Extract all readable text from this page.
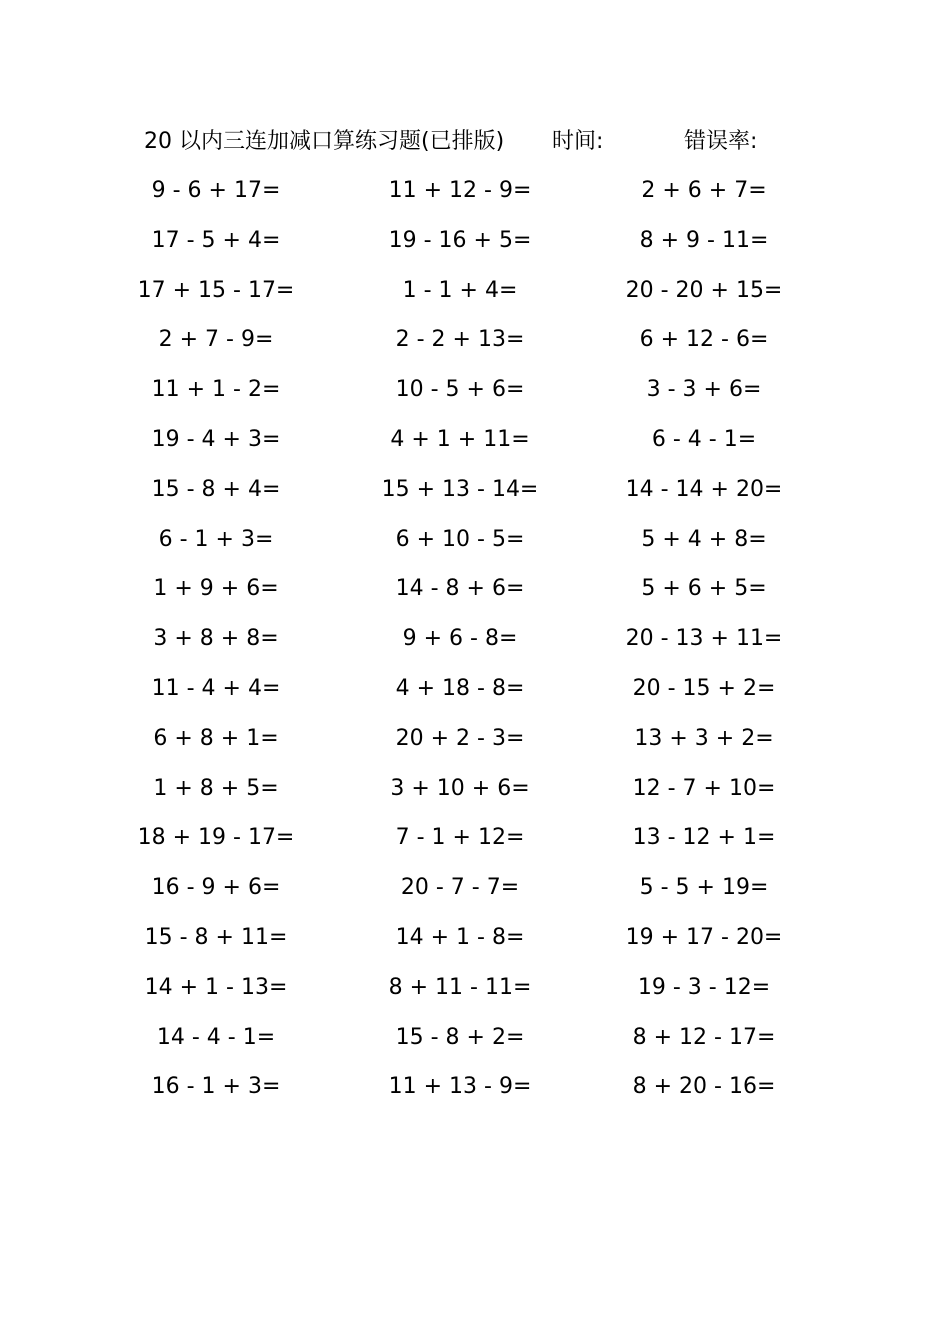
20 以内三连加减口算练习题(已排版) 时间:	错误率:
9 - 6 + 17=	11 + 12 - 9=	2 + 6 + 7=
17 - 5 + 4=	19 - 16 + 5=	8 + 9 - 11=
17 + 15 - 17=	1 - 1 + 4=	20 - 20 + 15=
2 + 7 - 9=	2 - 2 + 13=	6 + 12 - 6=
11 + 1 - 2=	10 - 5 + 6=	3 - 3 + 6=
19 - 4 + 3=	4 + 1 + 11=	6 - 4 - 1=
15 - 8 + 4=	15 + 13 - 14=	14 - 14 + 20=
6 - 1 + 3=	6 + 10 - 5=	5 + 4 + 8=
1 + 9 + 6=	14 - 8 + 6=	5 + 6 + 5=
3 + 8 + 8=	9 + 6 - 8=	20 - 13 + 11=
11 - 4 + 4=	4 + 18 - 8=	20 - 15 + 2=
6 + 8 + 1=	20 + 2 - 3=	13 + 3 + 2=
1 + 8 + 5=	3 + 10 + 6=	12 - 7 + 10=
18 + 19 - 17=	7 - 1 + 12=	13 - 12 + 1=
16 - 9 + 6=	20 - 7 - 7=	5 - 5 + 19=
15 - 8 + 11=	14 + 1 - 8=	19 + 17 - 20=
14 + 1 - 13=	8 + 11 - 11=	19 - 3 - 12=
14 - 4 - 1=	15 - 8 + 2=	8 + 12 - 17=
16 - 1 + 3=	11 + 13 - 9=	8 + 20 - 16=
